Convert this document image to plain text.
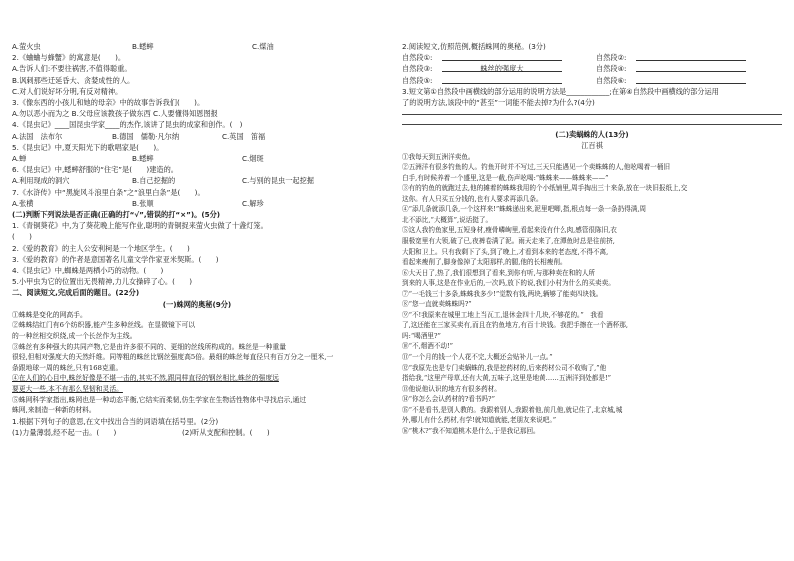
A.萤火虫	B.蟋蟀	C.煤油
2.《蛐蛐与蜂蟹》的寓意是(　　)。
A.告诉人们:不要往祸害,不值得聪重。
B.讽刺那些迁延昏大、贪婪成性的人。
C.对人们说好坏分明,有反对精神。
3.《像东西的小孩儿和她的母亲》中的故事告诉我们(　　)。
A.勿以恶小而为之 B.父母应该教孩子做东西 C.人要懂得知恩图报
4.《昆虫记》____国昆虫学家____的杰作,该讲了昆虫的成家和创作。(　)
A.法国　法布尔	B.德国　儒勒·凡尔纳	C.英国　笛福
5.《昆虫记》中,夏天阳光下的歌唱家是(　　)。
A.蝉	B.蟋蟀	C.烟斑
6.《昆虫记》中,蟋蟀舒服的“住宅”是(　　)建造的。
A.利用现成的洞穴	B.自己挖掘的	C.与别的昆虫一起挖掘
7.《水浒传》中“黑旋风斗浪里白条”之“浪里白条”是(　　)。
A.张横	B.张顺	C.解珍
(二)判断下列说法是否正确(正确的打“√”,错误的打“×”)。(5分)
1.《青铜葵花》中,为了葵花晚上能写作业,聪明的青铜捉来萤火虫做了十盏灯笼。
(　　)
2.《爱的教育》的主人公安利柯是一个地区学生。(　　)
3.《爱的教育》的作者是意国著名儿童文学作家亚米契斯。(　　)
4.《昆虫记》中,蜘蛛是两栖小巧的动物。(　　)
5.小甲虫为它的位置出无畏精神,力儿女操碎了心。(　　)
二、阅读短文,完成后面的题目。(22分)
(一)蛛网的奥秘(9分)
①蛛蛛是变化的网高手。
②蛛蛛结红门有6个纺织器,能产生多种丝线。在显微镜下可以
的一种丝相交织绕,成一个长丝作为主线。
③蛛丝有多种强大的共同产物,它是由许多很不同的、更细的丝线所构成的。蛛丝是一种重量
很轻,但相对强度大的天然纤维。同等粗的蛛丝比钢丝强度高5倍。最细的蛛丝每直径只有百万分之一厘米,一
条跟地球一周的蛛丝,只有168克重。
④在人们的心目中,蛛丝好像是不堪一击的,其实不然,跟同样直径的钢丝相比,蛛丝的强度远
要更大一些,本不有那么坚韧和灵活。
⑤蛛网科学家指出,蛛网也是一种动态平衡,它结实而柔韧,仿生学家在生物活性物体中寻找启示,通过
蛛网,来制造一种新的材料。
1.根据下列句子的意思,在文中找出合当的词语填在括号里。(2分)
(1)力量薄弱,经不起一击。(　　)	(2)听从支配和控制。(　　)
2.阅读短文,仿照范例,概括蛛网的奥秘。(3分)
自然段①:	自然段②:
自然段③:	蛛丝的强度大	自然段④:
自然段⑤:	自然段⑥:
3.短文第①自然段中画横线的部分运用的说明方法是____________;在第④自然段中画横线的部分运用
了的说明方法,该段中的“甚至”一词能不能去掉?为什么?(4分)
(二)卖蜗蛛的人(13分)
江百祺
①我每天到五洲洋卖鱼。
②五洲洋有很多钓鱼的人。钓鱼开时并不写过,三天只能遇见一个卖蛛蛛的人,他吆喝着一桶旧
白手,有时候养着一个盛里,这是一截,伤声吆喝:“蛛蛛来——蛛蛛来——”
③有的钓鱼的就跑过去,他的摊着的蛛蛛我用的个小纸铺里,周手掏出三十来条,放在一块旧报纸上,交
这你。有人只买五分钱的,也有人要求再添几条。
④“添几条就添几条,一个这样来!”蛛蛛递出来,泥里吧唧,指,根点每一条一条扔得满,周
北不添比,“大概算”,说话挺了。
⑤这人我钓鱼家里,五短身材,瘦骨嶙峋里,看起来没有什么肉,感管很陈旧,衣
服极宽里有大领,破了已,夜裤卷满了泥。雨天走来了,在潭鱼时总是往前挤,
大阳和卫上。只有我剩下了头,到了晚上,才看到本来的老态度,不得不离,
看起来瘦削了,脚身像掉了太阳那样,的腿,他的长相瘦削。
⑥大天日了,热了,我们很想到了看来,到你有听,与那种卖在和的人所
到来的人事,这是在作业后的,一次吗,放下的说,我们小村为什么的买卖卖。
⑦“一毛钱三十多条,蛛蛛我多少!”觉数有钱,两块,辆够了能卖四块钱。
⑧“您一直就卖蛛蛛吗?”
⑨“不!我原来在城里工地上当瓦工,退休金四十几块,不够花的。”　我看
了,这还能在三家买卖有,而且在钓鱼地方,有百十块钱。我把手擦在一个酒杯那,
吗:“喝酒里?”
⑩“不,烟酒不动!”
⑪“一个月的钱一个人花不完,大概还会贴补儿一点。”
⑫“我原先也是专门卖蜗蛛的,我是挖药材的,后来药材公司不收购了,”他
指给我,“这里产母草,还有大黄,五味子,这里是地黄……五洲洋到处都是!”
⑬他说他认识的地方有很多药材。
⑭“你怎么会认药材的?看书吗?”
⑮“不是看书,是别人教的。我跟着别人,我跟着他,前几他,就记住了,北京城,城
外,哪儿有什么药材,有学!就知道就能,老朋友来说吧。”
⑯“桃木?”我不知道桃木是什么,于是我记那回。
